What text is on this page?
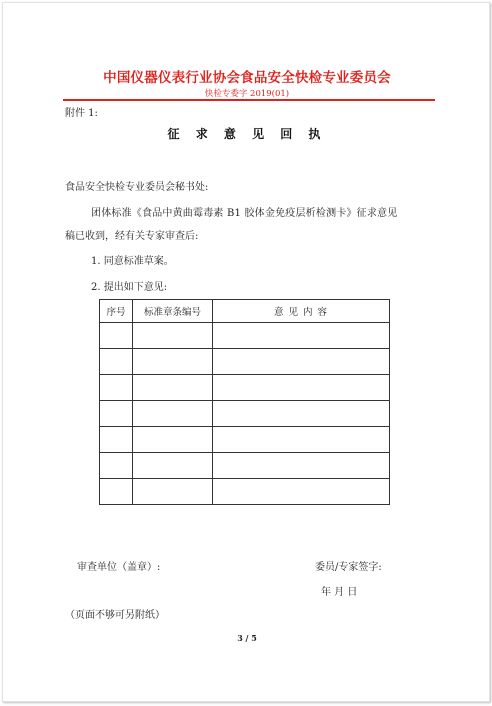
中国仪器仪表行业协会食品安全快检专业委员会
快检专委字 2019(01)
附件 1:
征 求 意 见 回 执
食品安全快检专业委员会秘书处:
团体标准《食品中黄曲霉毒素 B1 胶体金免疫层析检测卡》征求意见
稿已收到，经有关专家审查后:
1. 同意标准草案。
2. 提出如下意见:
序号	标准章条编号	意 见 内 容

审查单位（盖章）:	委员/专家签字:
年 月 日
（页面不够可另附纸）
3 / 5
